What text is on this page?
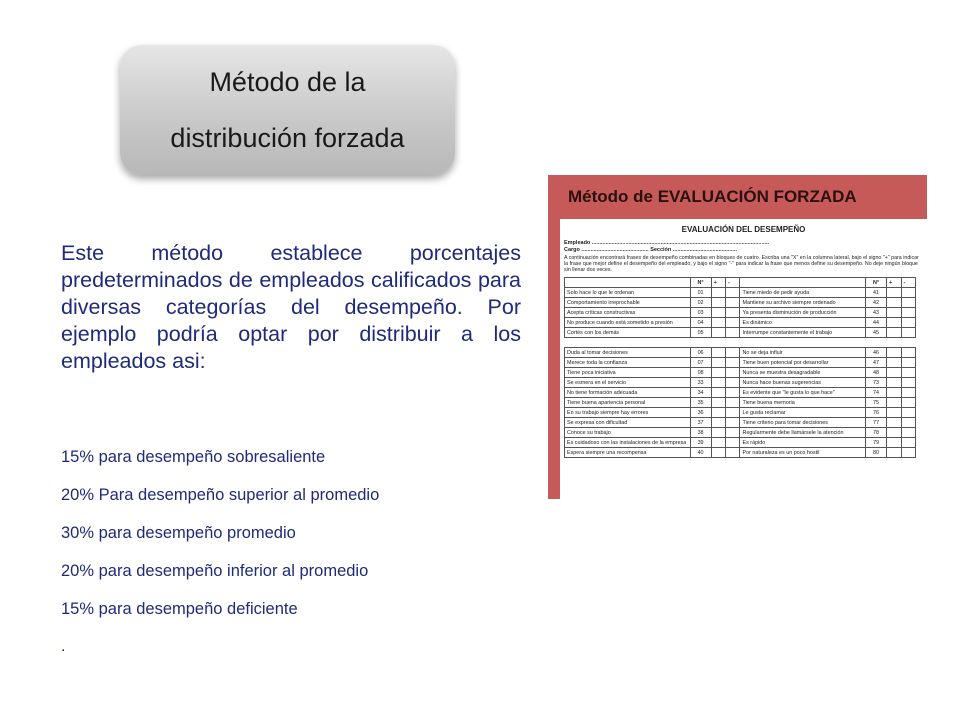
Método de la
distribución forzada

Este método establece porcentajes predeterminados de empleados calificados para diversas categorías del desempeño. Por ejemplo podría optar por distribuir a los empleados asi:

15% para desempeño sobresaliente
20% Para desempeño superior al promedio
30% para desempeño promedio
20% para desempeño inferior al promedio
15% para desempeño deficiente
.
Método de EVALUACIÓN FORZADA
EVALUACIÓN DEL DESEMPEÑO
Empleado ....................................................................................................................
Cargo ............................................ Sección ..........................................
A continuación encontrará frases de desempeño combinadas en bloques de cuatro. Escriba una "X" en la columna lateral, bajo el signo "+" para indicar la frase que mejor define el desempeño del empleado, y bajo el signo "-" para indicar la frase que menos define su desempeño. No deje ningún bloque sin llenar dos veces.
	N°	+	-		N°	+	-
Solo hace lo que le ordenan	01			Tiene miedo de pedir ayuda	41		
Comportamiento irreprochable	02			Mantiene su archivo siempre ordenado	42		
Acepta críticas constructivas	03			Ya presenta disminución de producción	43		
No produce cuando está sometido a presión	04			Es dinámico	44		
Cortés con los demás	05			Interrumpe constantemente el trabajo	45		

Duda al tomar decisiones	06			No se deja influir	46		
Merece toda la confianza	07			Tiene buen potencial por desarrollar	47		
Tiene poca iniciativa	08			Nunca se muestra desagradable	48		
Se esmera en el servicio	33			Nunca hace buenas sugerencias	73		
No tiene formación adecuada	34			Es evidente que "le gusta lo que hace"	74		
Tiene buena apariencia personal	35			Tiene buena memoria	75		
En su trabajo siempre hay errores	36			Le gusta reclamar	76		
Se expresa con dificultad	37			Tiene criterio para tomar decisiones	77		
Conoce su trabajo	38			Regularmente debe llamársele la atención	78		
Es cuidadoso con las instalaciones de la empresa	39			Es rápido	79		
Espera siempre una recompensa	40			Por naturaleza es un poco hostil	80		
